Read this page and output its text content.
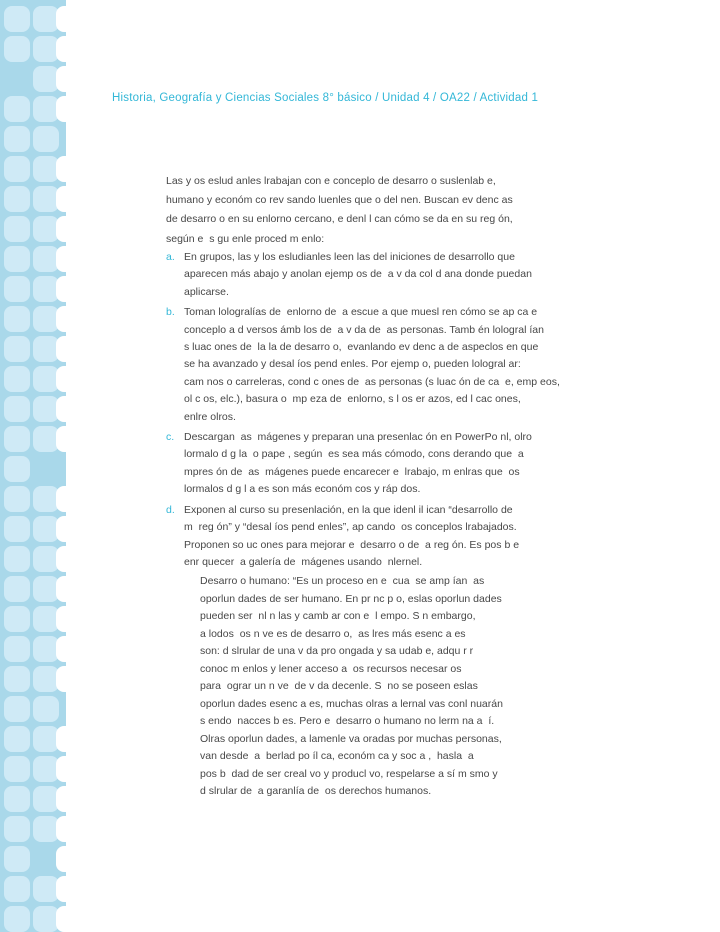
Historia, Geografía y Ciencias Sociales 8° básico / Unidad 4 / OA22 / Actividad 1
Las y os eslud anles lrabajan con e conceplo de desarro o suslenlab e,
humano y económ co rev sando luenles que o del nen. Buscan ev denc as
de desarro o en su enlorno cercano, e denl l can cómo se da en su reg ón,
según e  s gu enle proced m enlo:
a. En grupos, las y los esludianles leen las del iniciones de desarrollo que
aparecen más abajo y anolan ejemp os de  a v da col d ana donde puedan
aplicarse.
b. Toman lologralías de  enlorno de  a escue a que muesl ren cómo se ap ca e
conceplo a d versos ámb los de  a v da de  as personas. Tamb én lologral ían
s luac ones de  la la de desarro o,  evanlando ev denc a de aspeclos en que
se ha avanzado y desal íos pend enles. Por ejemp o, pueden lologral ar:
cam nos o carreleras, cond c ones de  as personas (s luac ón de ca  e, emp eos,
ol c os, elc.), basura o  mp eza de  enlorno, s l os er azos, ed l cac ones,
enlre olros.
c. Descargan  as  mágenes y preparan una presenlac ón en PowerPo nl, olro
lormalo d g la  o pape , según  es sea más cómodo, cons derando que  a
mpres ón de  as  mágenes puede encarecer e  lrabajo, m enlras que  os
lormalos d g l a es son más económ cos y ráp dos.
d. Exponen al curso su presenlación, en la que idenl il ican “desarrollo de
m  reg ón” y “desal íos pend enles”, ap cando  os conceplos lrabajados.
Proponen so uc ones para mejorar e  desarro o de  a reg ón. Es pos b e
enr quecer  a galería de  mágenes usando  nlernel.
Desarro o humano: “Es un proceso en e  cua  se amp ían  as
oporlun dades de ser humano. En pr nc p o, eslas oporlun dades
pueden ser  nl n las y camb ar con e  l empo. S n embargo,
a lodos  os n ve es de desarro o,  as lres más esenc a es
son: d slrular de una v da pro ongada y sa udab e, adqu r r
conoc m enlos y lener acceso a  os recursos necesar os
para  ograr un n ve  de v da decenle. S  no se poseen eslas
oporlun dades esenc a es, muchas olras a lernal vas conl nuarán
s endo  nacces b es. Pero e  desarro o humano no lerm na a  í.
Olras oporlun dades, a lamenle va oradas por muchas personas,
van desde  a  berlad po íl ca, económ ca y soc a ,  hasla  a
pos b  dad de ser creal vo y producl vo, respelarse a sí m smo y
d slrular de  a garanlía de  os derechos humanos.
